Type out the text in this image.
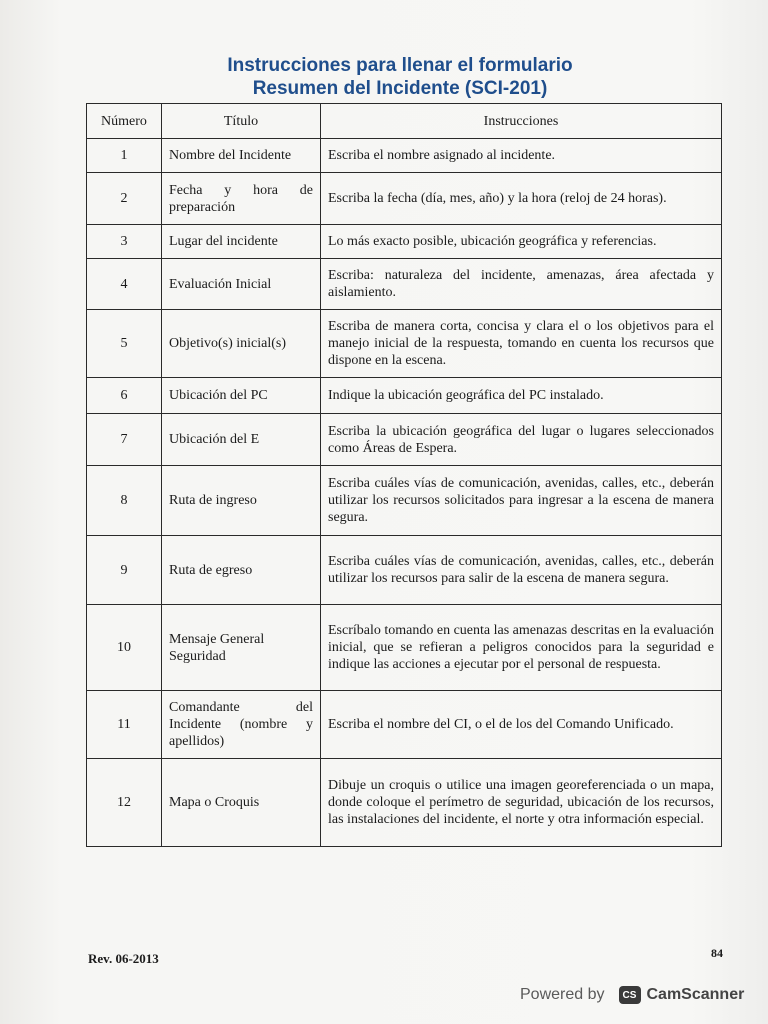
Instrucciones para llenar el formulario
Resumen del Incidente (SCI-201)
Número	Título	Instrucciones
1	Nombre del Incidente	Escriba el nombre asignado al incidente.
2	Fecha y hora de preparación	Escriba la fecha (día, mes, año) y la hora (reloj de 24 horas).
3	Lugar del incidente	Lo más exacto posible, ubicación geográfica y referencias.
4	Evaluación Inicial	Escriba: naturaleza del incidente, amenazas, área afectada y aislamiento.
5	Objetivo(s) inicial(s)	Escriba de manera corta, concisa y clara el o los objetivos para el manejo inicial de la respuesta, tomando en cuenta los recursos que dispone en la escena.
6	Ubicación del PC	Indique la ubicación geográfica del PC instalado.
7	Ubicación del E	Escriba la ubicación geográfica del lugar o lugares seleccionados como Áreas de Espera.
8	Ruta de ingreso	Escriba cuáles vías de comunicación, avenidas, calles, etc., deberán utilizar los recursos solicitados para ingresar a la escena de manera segura.
9	Ruta de egreso	Escriba cuáles vías de comunicación, avenidas, calles, etc., deberán utilizar los recursos para salir de la escena de manera segura.
10	Mensaje General Seguridad	Escríbalo tomando en cuenta las amenazas descritas en la evaluación inicial, que se refieran a peligros conocidos para la seguridad e indique las acciones a ejecutar por el personal de respuesta.
11	Comandante del Incidente (nombre y apellidos)	Escriba el nombre del CI, o el de los del Comando Unificado.
12	Mapa o Croquis	Dibuje un croquis o utilice una imagen georeferenciada o un mapa, donde coloque el perímetro de seguridad, ubicación de los recursos, las instalaciones del incidente, el norte y otra información especial.
Rev. 06-2013	84
Powered by	CS CamScanner
